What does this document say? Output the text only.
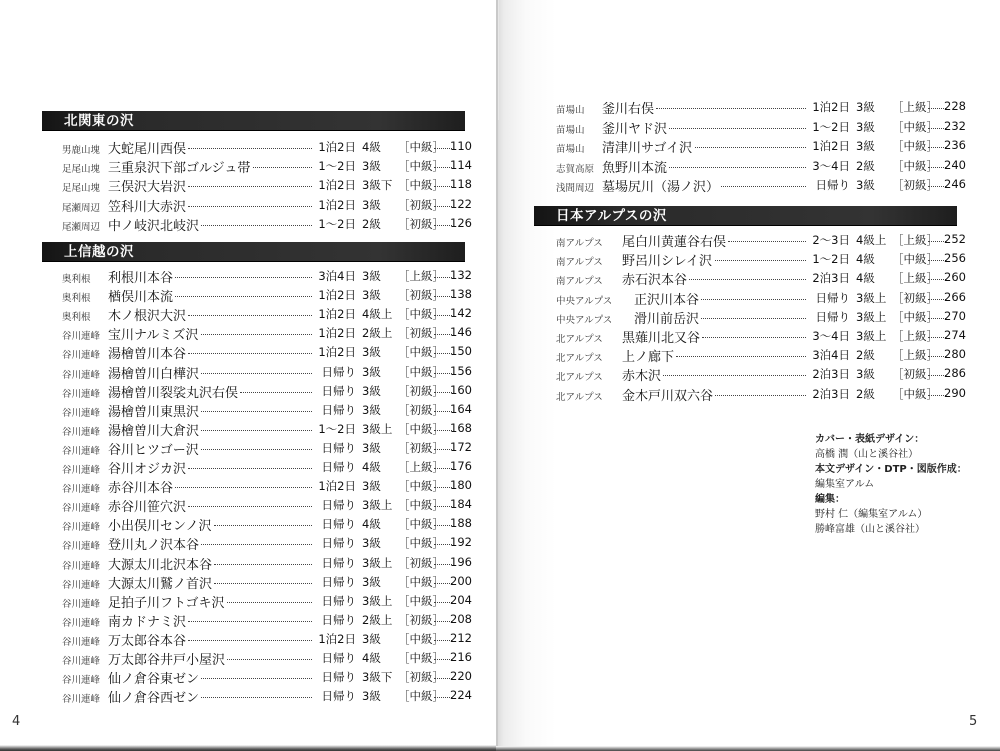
北関東の沢
男鹿山塊 大蛇尾川西俣	1泊2日 4級 ［中級］ 110
足尾山塊 三重泉沢下部ゴルジュ帯	1〜2日 3級 ［中級］ 114
足尾山塊 三俣沢大岩沢	1泊2日 3級下 ［中級］ 118
尾瀬周辺 笠科川大赤沢	1泊2日 3級 ［初級］ 122
尾瀬周辺 中ノ岐沢北岐沢	1〜2日 2級 ［初級］ 126
上信越の沢
奥利根 利根川本谷	3泊4日 3級 ［上級］ 132
奥利根 楢俣川本流	1泊2日 3級 ［初級］ 138
奥利根 木ノ根沢大沢	1泊2日 4級上 ［中級］ 142
谷川連峰 宝川ナルミズ沢	1泊2日 2級上 ［初級］ 146
谷川連峰 湯檜曽川本谷	1泊2日 3級 ［中級］ 150
谷川連峰 湯檜曽川白樺沢	日帰り 3級 ［中級］ 156
谷川連峰 湯檜曽川裂裟丸沢右俣	日帰り 3級 ［初級］ 160
谷川連峰 湯檜曽川東黒沢	日帰り 3級 ［初級］ 164
谷川連峰 湯檜曽川大倉沢	1〜2日 3級上 ［中級］ 168
谷川連峰 谷川ヒツゴー沢	日帰り 3級 ［初級］ 172
谷川連峰 谷川オジカ沢	日帰り 4級 ［上級］ 176
谷川連峰 赤谷川本谷	1泊2日 3級 ［中級］ 180
谷川連峰 赤谷川笹穴沢	日帰り 3級上 ［中級］ 184
谷川連峰 小出俣川センノ沢	日帰り 4級 ［中級］ 188
谷川連峰 登川丸ノ沢本谷	日帰り 3級 ［中級］ 192
谷川連峰 大源太川北沢本谷	日帰り 3級上 ［初級］ 196
谷川連峰 大源太川鷲ノ首沢	日帰り 3級 ［中級］ 200
谷川連峰 足拍子川フトゴキ沢	日帰り 3級上 ［中級］ 204
谷川連峰 南カドナミ沢	日帰り 2級上 ［初級］ 208
谷川連峰 万太郎谷本谷	1泊2日 3級 ［中級］ 212
谷川連峰 万太郎谷井戸小屋沢	日帰り 4級 ［中級］ 216
谷川連峰 仙ノ倉谷東ゼン	日帰り 3級下 ［初級］ 220
谷川連峰 仙ノ倉谷西ゼン	日帰り 3級 ［中級］ 224
苗場山 釜川右俣	1泊2日 3級 ［上級］ 228
苗場山 釜川ヤド沢	1〜2日 3級 ［中級］ 232
苗場山 清津川サゴイ沢	1泊2日 3級 ［中級］ 236
志賀高原 魚野川本流	3〜4日 2級 ［中級］ 240
浅間周辺 墓場尻川（湯ノ沢）	日帰り 3級 ［初級］ 246
日本アルプスの沢
南アルプス 尾白川黄蓮谷右俣	2〜3日 4級上 ［上級］ 252
南アルプス 野呂川シレイ沢	1〜2日 4級 ［中級］ 256
南アルプス 赤石沢本谷	2泊3日 4級 ［上級］ 260
中央アルプス 正沢川本谷	日帰り 3級上 ［初級］ 266
中央アルプス 滑川前岳沢	日帰り 3級上 ［中級］ 270
北アルプス 黒薙川北又谷	3〜4日 3級上 ［上級］ 274
北アルプス 上ノ廊下	3泊4日 2級 ［上級］ 280
北アルプス 赤木沢	2泊3日 3級 ［初級］ 286
北アルプス 金木戸川双六谷	2泊3日 2級 ［中級］ 290
カバー・表紙デザイン：
高橋 潤（山と溪谷社）
本文デザイン・DTP・図版作成：
編集室アルム
編集：
野村 仁（編集室アルム）
勝峰富雄（山と溪谷社）
4	5
